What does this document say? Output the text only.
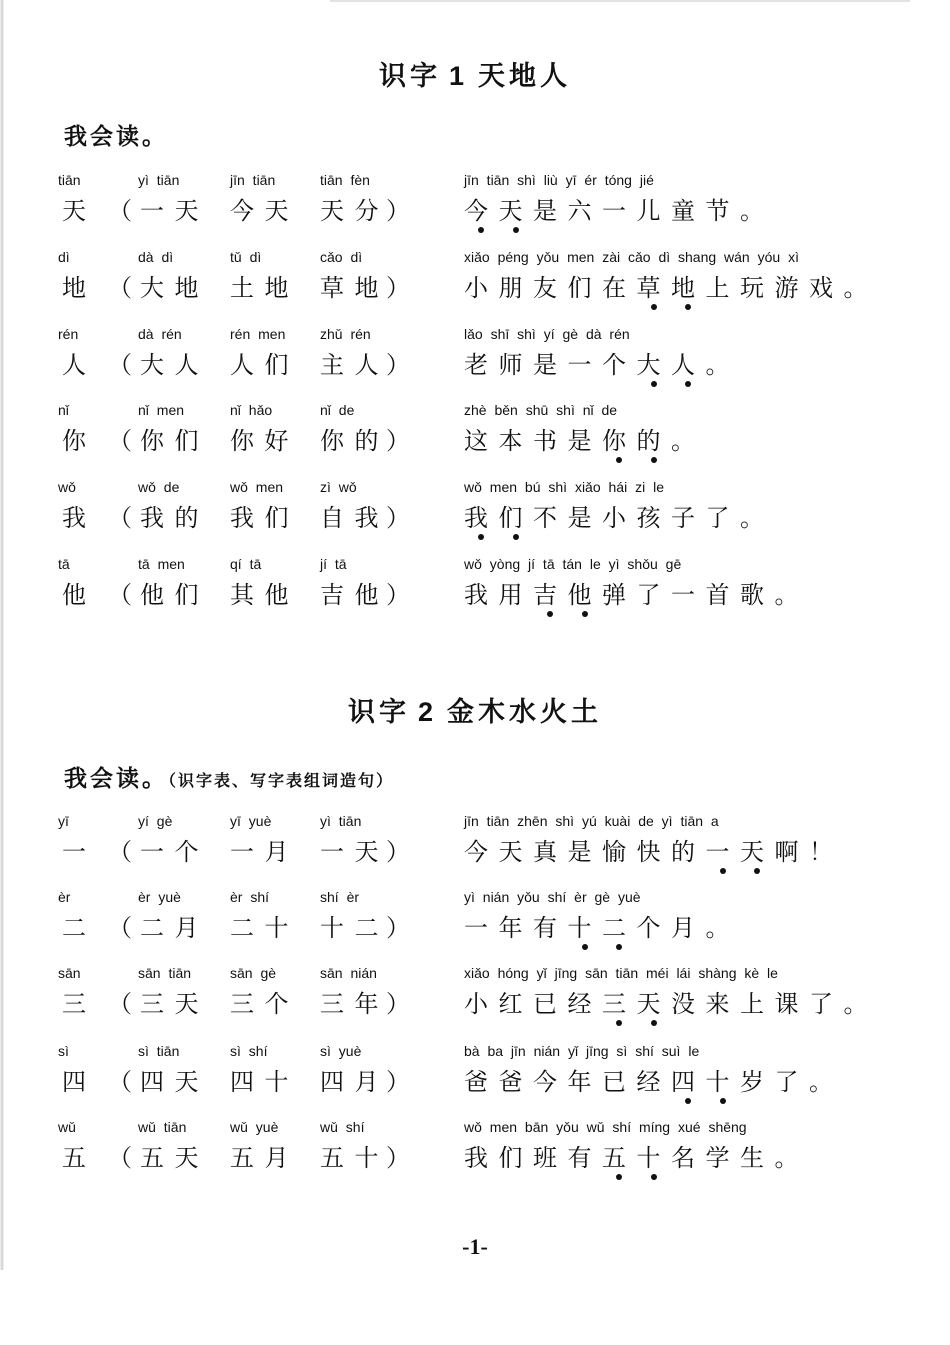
识字 1 天地人
我会读。
tiān
天 （
yì tiān
一天
jīn tiān
今天
tiān fèn
天分
）
jīn tiān shì liù yī ér tóng jié
今天是六一儿童节。
dì
地 （
dà dì
大地
tǔ dì
土地
cǎo dì
草地
）
xiǎo péng yǒu men zài cǎo dì shang wán yóu xì
小朋友们在草地上玩游戏。
rén
人 （
dà rén
大人
rén men
人们
zhǔ rén
主人
）
lǎo shī shì yí gè dà rén
老师是一个大人。
nǐ
你 （
nǐ men
你们
nǐ hǎo
你好
nǐ de
你的
）
zhè běn shū shì nǐ de
这本书是你的。
wǒ
我 （
wǒ de
我的
wǒ men
我们
zì wǒ
自我
）
wǒ men bú shì xiǎo hái zi le
我们不是小孩子了。
tā
他 （
tā men
他们
qí tā
其他
jí tā
吉他
）
wǒ yòng jí tā tán le yì shǒu gē
我用吉他弹了一首歌。
识字 2 金木水火土
我会读。（识字表、写字表组词造句）
yī
一 （
yí gè
一个
yī yuè
一月
yì tiān
一天
）
jīn tiān zhēn shì yú kuài de yì tiān a
今天真是愉快的一天啊！
èr
二 （
èr yuè
二月
èr shí
二十
shí èr
十二
）
yì nián yǒu shí èr gè yuè
一年有十二个月。
sān
三 （
sān tiān
三天
sān gè
三个
sān nián
三年
）
xiǎo hóng yǐ jīng sān tiān méi lái shàng kè le
小红已经三天没来上课了。
sì
四 （
sì tiān
四天
sì shí
四十
sì yuè
四月
）
bà ba jīn nián yǐ jīng sì shí suì le
爸爸今年已经四十岁了。
wǔ
五 （
wǔ tiān
五天
wǔ yuè
五月
wǔ shí
五十
）
wǒ men bān yǒu wǔ shí míng xué shēng
我们班有五十名学生。
-1-
